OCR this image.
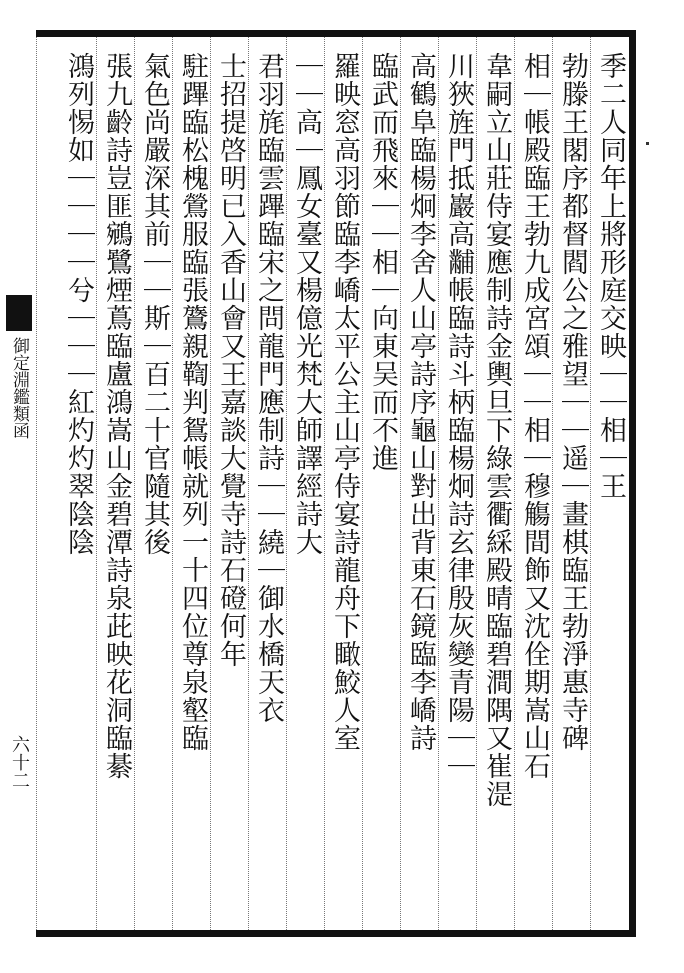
季二人同年上將形庭交映｜｜相｜王
勃滕王閣序都督閻公之雅望｜｜遥｜畫棋臨王勃淨惠寺碑
相｜帳殿臨王勃九成宮頌｜｜相｜穆觴間飾又沈佺期嵩山石
韋嗣立山莊侍宴應制詩金輿旦下綠雲衢綵殿晴臨碧澗隅又崔湜
川狹旌門抵巖高黼帳臨詩斗柄臨楊炯詩玄律殷灰變青陽｜｜
高鶴阜臨楊炯李舍人山亭詩序龜山對出背東石鏡臨李嶠詩
臨武而飛來｜｜相｜向東吴而不進
羅映窓高羽節臨李嶠太平公主山亭侍宴詩龍舟下瞰鮫人室
｜｜高｜鳳女臺又楊億光梵大師譯經詩大
君羽旄臨雲蹕臨宋之問龍門應制詩｜｜繞｜御水橋天衣
士招提啓明已入香山會又王嘉談大覺寺詩石磴何年
駐蹕臨松槐鶯服臨張鷟親鞫判鴛帳就列一十四位尊泉壑臨
氣色尚嚴深其前｜｜斯｜百二十官隨其後
張九齡詩豈匪鵷鷺煙蔦臨盧鴻嵩山金碧潭詩泉茈映花洞臨綦
鴻列惕如｜｜｜｜兮｜｜｜紅灼灼翠陰陰
御定淵鑑類函
六十二
